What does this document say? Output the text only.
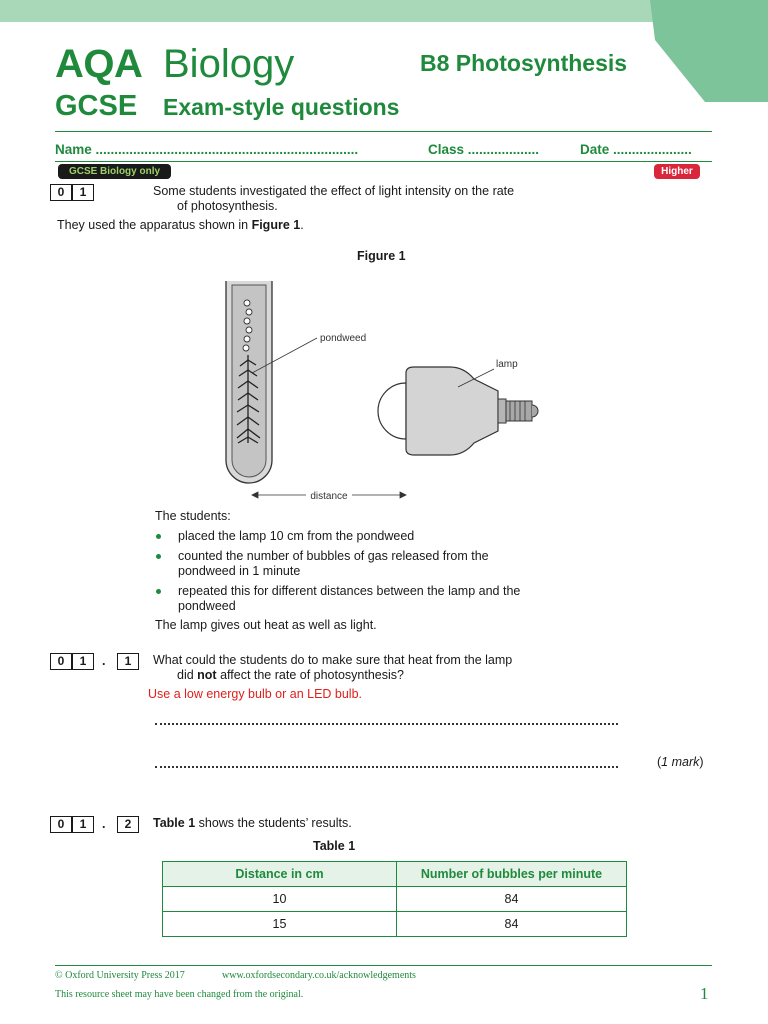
AQA Biology
GCSE Exam-style questions
B8 Photosynthesis
Name ......................................................................	Class ...................	Date .....................
GCSE Biology only	Higher
0	1	Some students investigated the effect of light intensity on the rate
of photosynthesis.
They used the apparatus shown in Figure 1.
Figure 1
pondweed
lamp
distance
The students:
placed the lamp 10 cm from the pondweed
counted the number of bubbles of gas released from the
pondweed in 1 minute
repeated this for different distances between the lamp and the
pondweed
The lamp gives out heat as well as light.
0	1	.	1	What could the students do to make sure that heat from the lamp
did not affect the rate of photosynthesis?
Use a low energy bulb or an LED bulb.
(1 mark)
0	1	.	2	Table 1 shows the students’ results.
Table 1
Distance in cm	Number of bubbles per minute
10	84
15	84
© Oxford University Press 2017	www.oxfordsecondary.co.uk/acknowledgements
This resource sheet may have been changed from the original.	1
